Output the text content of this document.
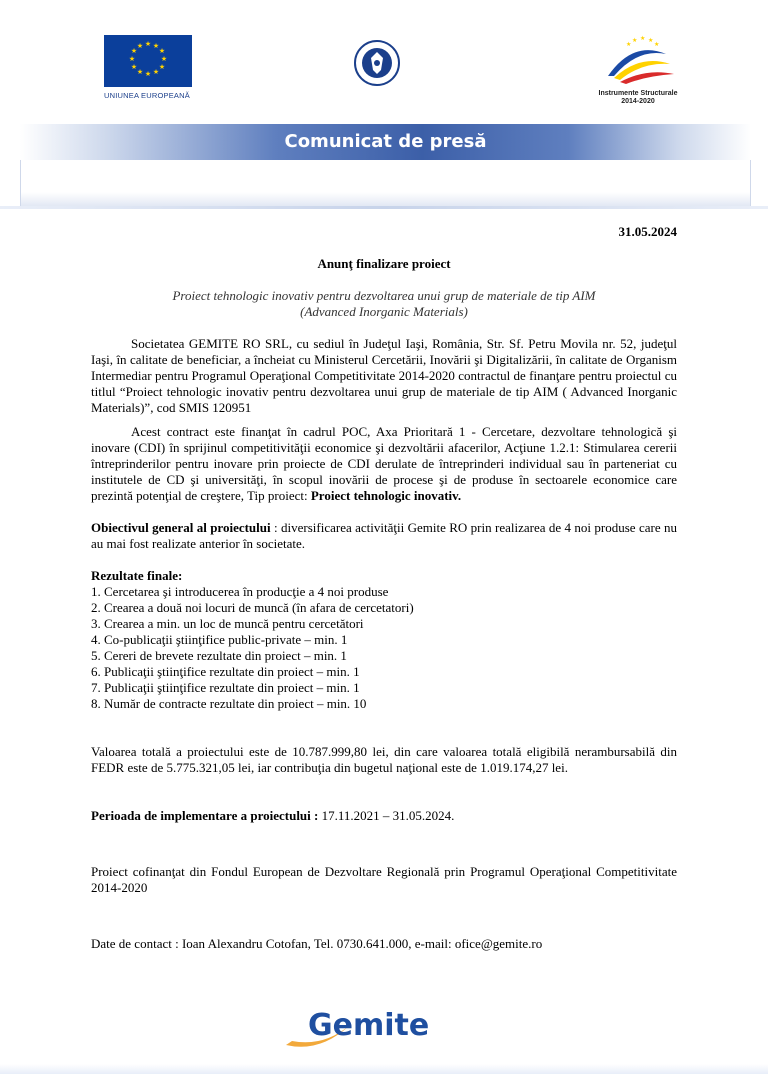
★ ★
★
★
★
★
★
★
★
★
★
★
UNIUNEA EUROPEANĂ
★ ★ ★
★	★
Instrumente Structurale
2014-2020
Comunicat de presă
31.05.2024
Anunţ finalizare proiect
Proiect tehnologic inovativ pentru dezvoltarea unui grup de materiale de tip AIM
(Advanced Inorganic Materials)

Societatea GEMITE RO SRL, cu sediul în Judeţul Iaşi, România, Str. Sf. Petru Movila nr. 52, judeţul Iaşi, în calitate de beneficiar, a încheiat cu Ministerul Cercetării, Inovării şi Digitalizării, în calitate de Organism Intermediar pentru Programul Operaţional Competitivitate 2014-2020 contractul de finanţare pentru proiectul cu titlul “Proiect tehnologic inovativ pentru dezvoltarea unui grup de materiale de tip AIM ( Advanced Inorganic Materials)”, cod SMIS 120951

Acest contract este finanţat în cadrul POC, Axa Prioritară 1 - Cercetare, dezvoltare tehnologică şi inovare (CDI) în sprijinul competitivităţii economice şi dezvoltării afacerilor, Acţiune 1.2.1: Stimularea cererii întreprinderilor pentru inovare prin proiecte de CDI derulate de întreprinderi individual sau în parteneriat cu institutele de CD şi universităţi, în scopul inovării de procese şi de produse în sectoarele economice care prezintă potenţial de creştere, Tip proiect: Proiect tehnologic inovativ.

Obiectivul general al proiectului : diversificarea activităţii Gemite RO prin realizarea de 4 noi produse care nu au mai fost realizate anterior în societate.

Rezultate finale:
1. Cercetarea şi introducerea în producţie a 4 noi produse
2. Crearea a două noi locuri de muncă (în afara de cercetatori)
3. Crearea a min. un loc de muncă pentru cercetători
4. Co-publicaţii ştiinţifice public-private – min. 1
5. Cereri de brevete rezultate din proiect – min. 1
6. Publicaţii ştiinţifice rezultate din proiect – min. 1
7. Publicaţii ştiinţifice rezultate din proiect – min. 1
8. Număr de contracte rezultate din proiect – min. 10

Valoarea totală a proiectului este de 10.787.999,80 lei, din care valoarea totală eligibilă nerambursabilă din FEDR este de 5.775.321,05 lei, iar contribuţia din bugetul naţional este de 1.019.174,27 lei.

Perioada de implementare a proiectului : 17.11.2021 – 31.05.2024.

Proiect cofinanţat din Fondul European de Dezvoltare Regională prin Programul Operaţional Competitivitate 2014-2020

Date de contact : Ioan Alexandru Cotofan, Tel. 0730.641.000, e-mail: ofice@gemite.ro

Gemite
